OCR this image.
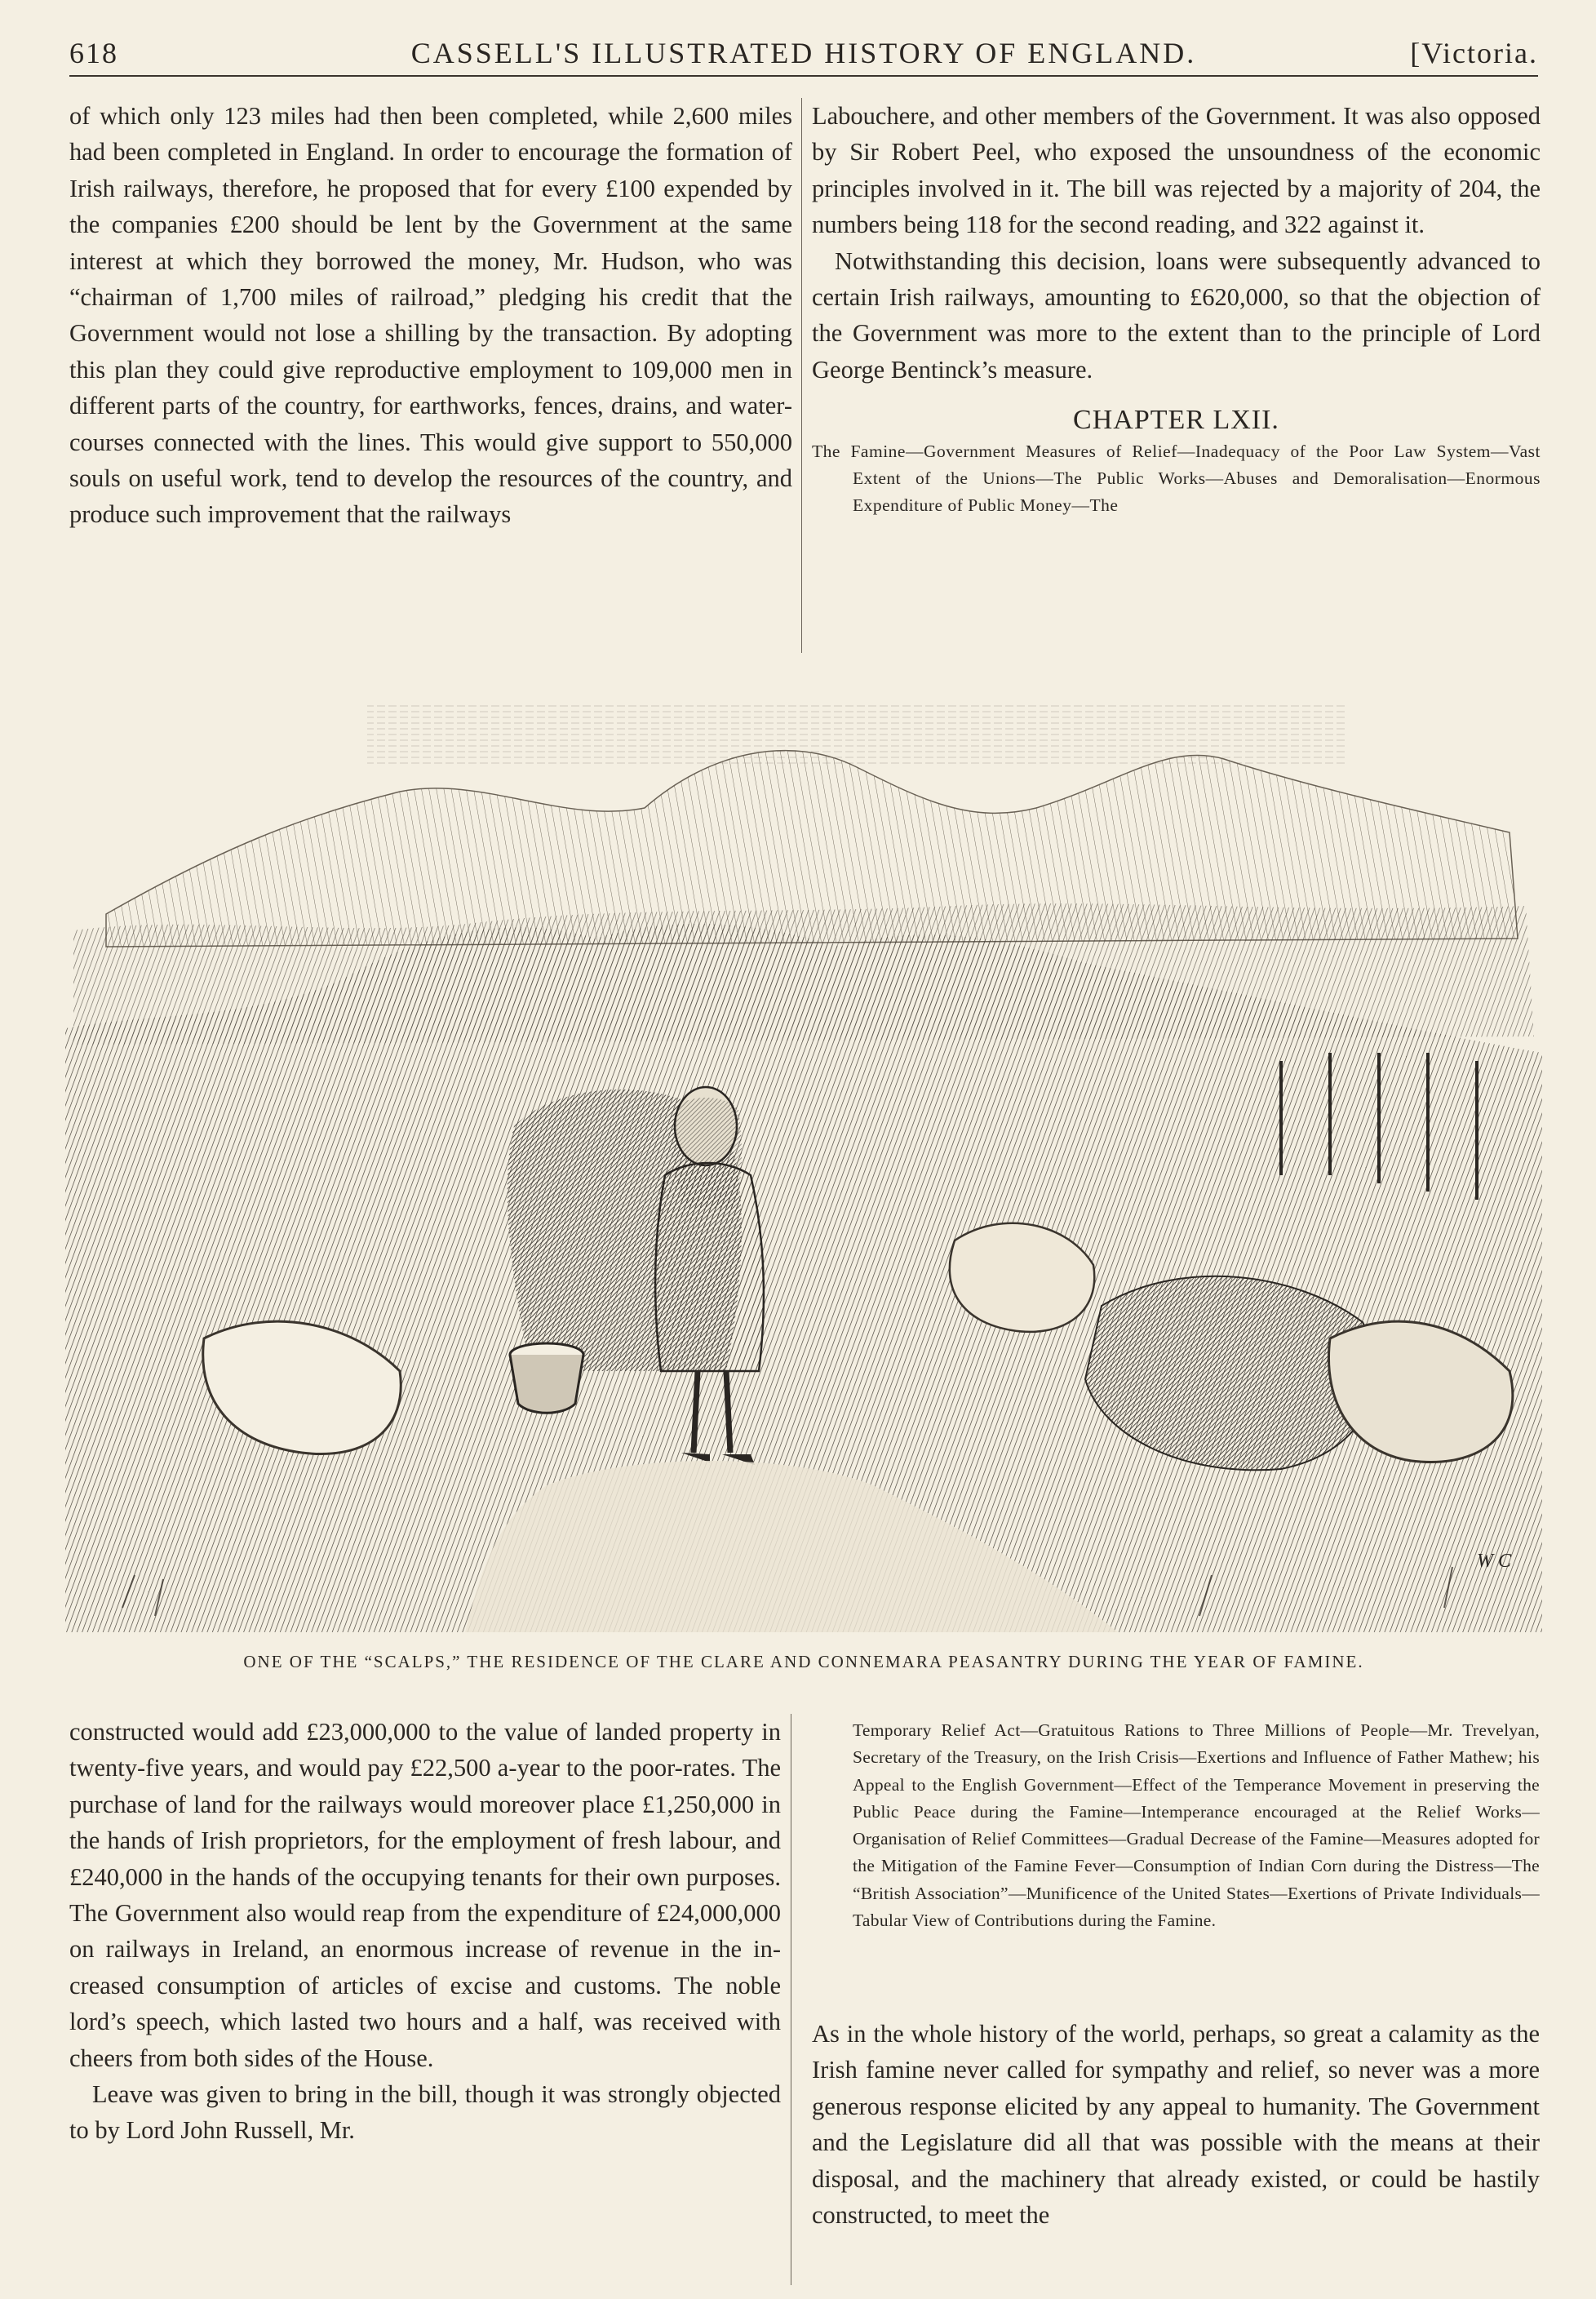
618	CASSELL'S ILLUSTRATED HISTORY OF ENGLAND.	[Victoria.

of which only 123 miles had then been completed, while 2,600 miles had been completed in England. In order to encourage the formation of Irish railways, therefore, he proposed that for every £100 expended by the companies £200 should be lent by the Government at the same interest at which they borrowed the money, Mr. Hudson, who was “chairman of 1,700 miles of railroad,” pledging his credit that the Government would not lose a shilling by the transaction. By adopting this plan they could give reproductive employment to 109,000 men in different parts of the country, for earthworks, fences, drains, and water-courses connected with the lines. This would give support to 550,000 souls on useful work, tend to develop the resources of the country, and produce such improvement that the railways

Labouchere, and other members of the Government. It was also opposed by Sir Robert Peel, who exposed the unsoundness of the economic principles involved in it. The bill was rejected by a majority of 204, the numbers being 118 for the second reading, and 322 against it.

Notwithstanding this decision, loans were subsequently advanced to certain Irish railways, amounting to £620,000, so that the objection of the Government was more to the extent than to the principle of Lord George Bentinck’s measure.

CHAPTER LXII.
The Famine—Government Measures of Relief—Inadequacy of the Poor Law System—Vast Extent of the Unions—The Public Works—Abuses and Demoralisation—Enormous Expenditure of Public Money—The
W C
ONE OF THE “SCALPS,” THE RESIDENCE OF THE CLARE AND CONNEMARA PEASANTRY DURING THE YEAR OF FAMINE.

constructed would add £23,000,000 to the value of landed property in twenty-five years, and would pay £22,500 a-year to the poor-rates. The purchase of land for the railways would moreover place £1,250,000 in the hands of Irish proprietors, for the employment of fresh labour, and £240,000 in the hands of the occupying tenants for their own purposes. The Government also would reap from the expenditure of £24,000,000 on railways in Ireland, an enormous increase of revenue in the increased consumption of articles of excise and customs. The noble lord’s speech, which lasted two hours and a half, was received with cheers from both sides of the House.

Leave was given to bring in the bill, though it was strongly objected to by Lord John Russell, Mr.

Temporary Relief Act—Gratuitous Rations to Three Millions of People—Mr. Trevelyan, Secretary of the Treasury, on the Irish Crisis—Exertions and Influence of Father Mathew; his Appeal to the English Government—Effect of the Temperance Movement in preserving the Public Peace during the Famine—Intemperance encouraged at the Relief Works—Organisation of Relief Committees—Gradual Decrease of the Famine—Measures adopted for the Mitigation of the Famine Fever—Consumption of Indian Corn during the Distress—The “British Association”—Munificence of the United States—Exertions of Private Individuals—Tabular View of Contributions during the Famine.

As in the whole history of the world, perhaps, so great a calamity as the Irish famine never called for sympathy and relief, so never was a more generous response elicited by any appeal to humanity. The Government and the Legislature did all that was possible with the means at their disposal, and the machinery that already existed, or could be hastily constructed, to meet the
